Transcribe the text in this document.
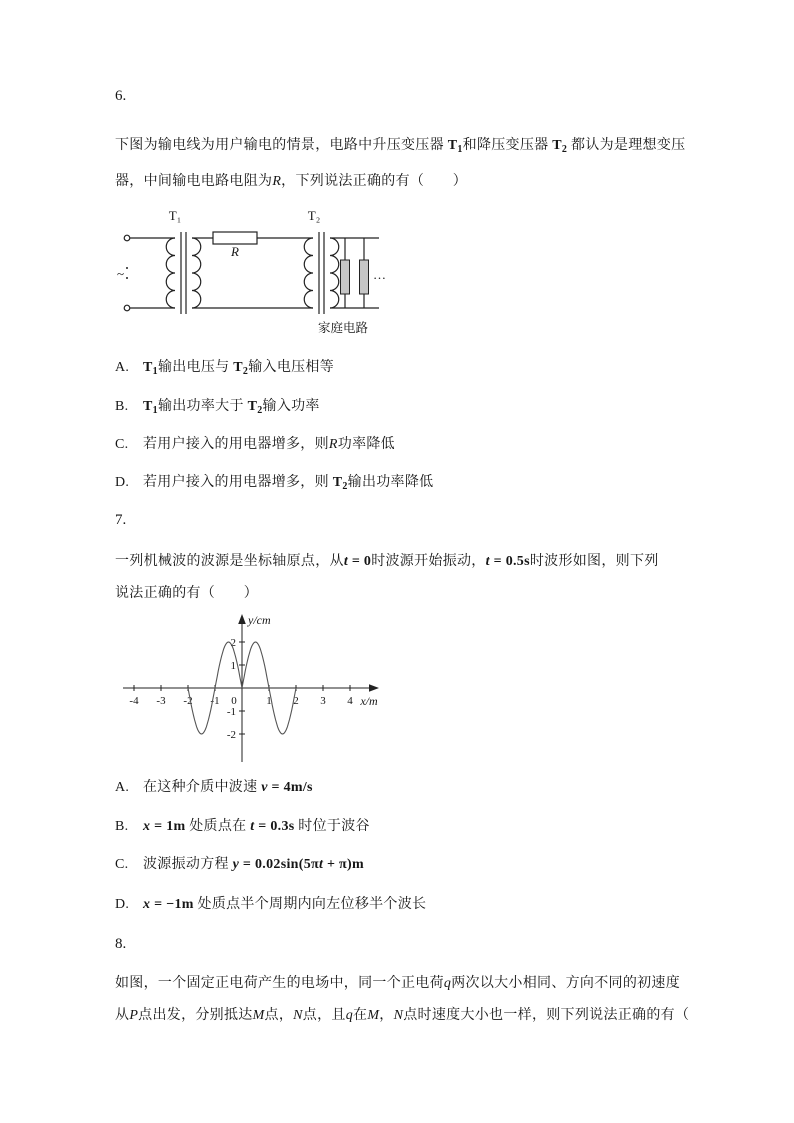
6.
下图为输电线为用户输电的情景，电路中升压变压器 $T_1$和降压变压器 $T_2$ 都认为是理想变压
器，中间输电电路电阻为R，下列说法正确的有（　　）
T₁	T₂
~
R
…
家庭电路
A. $T_1$输出电压与 $T_2$输入电压相等
B. $T_1$输出功率大于 $T_2$输入功率
C. 若用户接入的用电器增多，则R功率降低
D. 若用户接入的用电器增多，则 $T_2$输出功率降低
7.
一列机械波的波源是坐标轴原点，从t = 0时波源开始振动，t = 0.5s时波形如图，则下列
说法正确的有（　　）
y/cm
x/m
-4 -3 -2 -1 0	1 2 3 4
2
1
-1
-2
A. 在这种介质中波速 v = 4m/s
B. x = 1m 处质点在 t = 0.3s 时位于波谷
C. 波源振动方程 y = 0.02sin(5πt + π)m
D. x = −1m 处质点半个周期内向左位移半个波长
8.
如图，一个固定正电荷产生的电场中，同一个正电荷q两次以大小相同、方向不同的初速度
从P点出发，分别抵达M点，N点，且q在M，N点时速度大小也一样，则下列说法正确的有（
